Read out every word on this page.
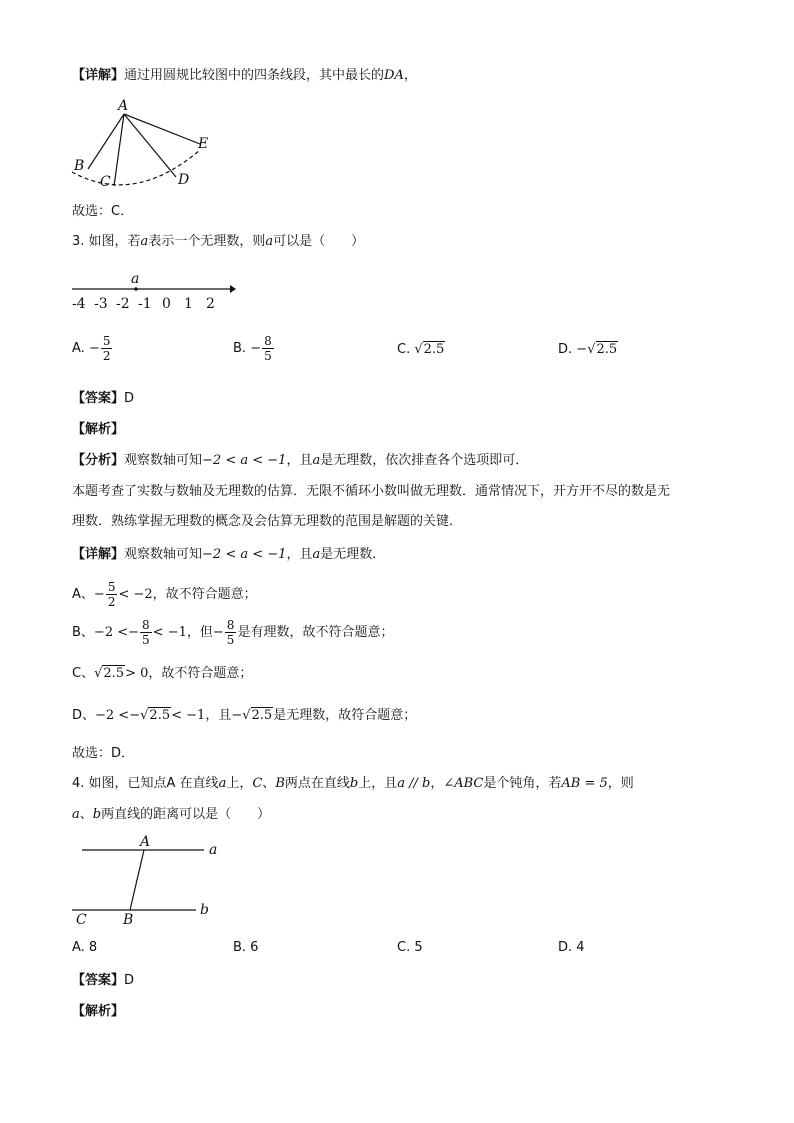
【详解】通过用圆规比较图中的四条线段，其中最长的DA，
A
B
C	D
E
故选：C．
3. 如图，若a表示一个无理数，则a可以是（　　）
a
-4 -3 -2 -1 0 1 2
A. − $\frac{5}{2}$	B. − $\frac{8}{5}$	C. √2.5	D. −√2.5
【答案】D
【解析】
【分析】观察数轴可知−2 < a < −1，且a是无理数，依次排查各个选项即可．
本题考查了实数与数轴及无理数的估算．无限不循环小数叫做无理数．通常情况下，开方开不尽的数是无
理数．熟练掌握无理数的概念及会估算无理数的范围是解题的关键．
【详解】观察数轴可知−2 < a < −1，且a是无理数．
A、− $\frac{5}{2} < -2$，故不符合题意；
B、$-2 <- \frac{8}{5} < -1$，但− $\frac{8}{5}$ 是有理数，故不符合题意；
C、√2.5> 0，故不符合题意；
D、−2 <−√2.5< −1，且−√2.5是无理数，故符合题意；
故选：D．
4. 如图，已知点A 在直线a上，C、B两点在直线b上，且a // b，∠ABC是个钝角，若AB = 5，则
a、b两直线的距离可以是（　　）
A	a
C	B
b
A. 8	B. 6	C. 5	D. 4
【答案】D
【解析】
